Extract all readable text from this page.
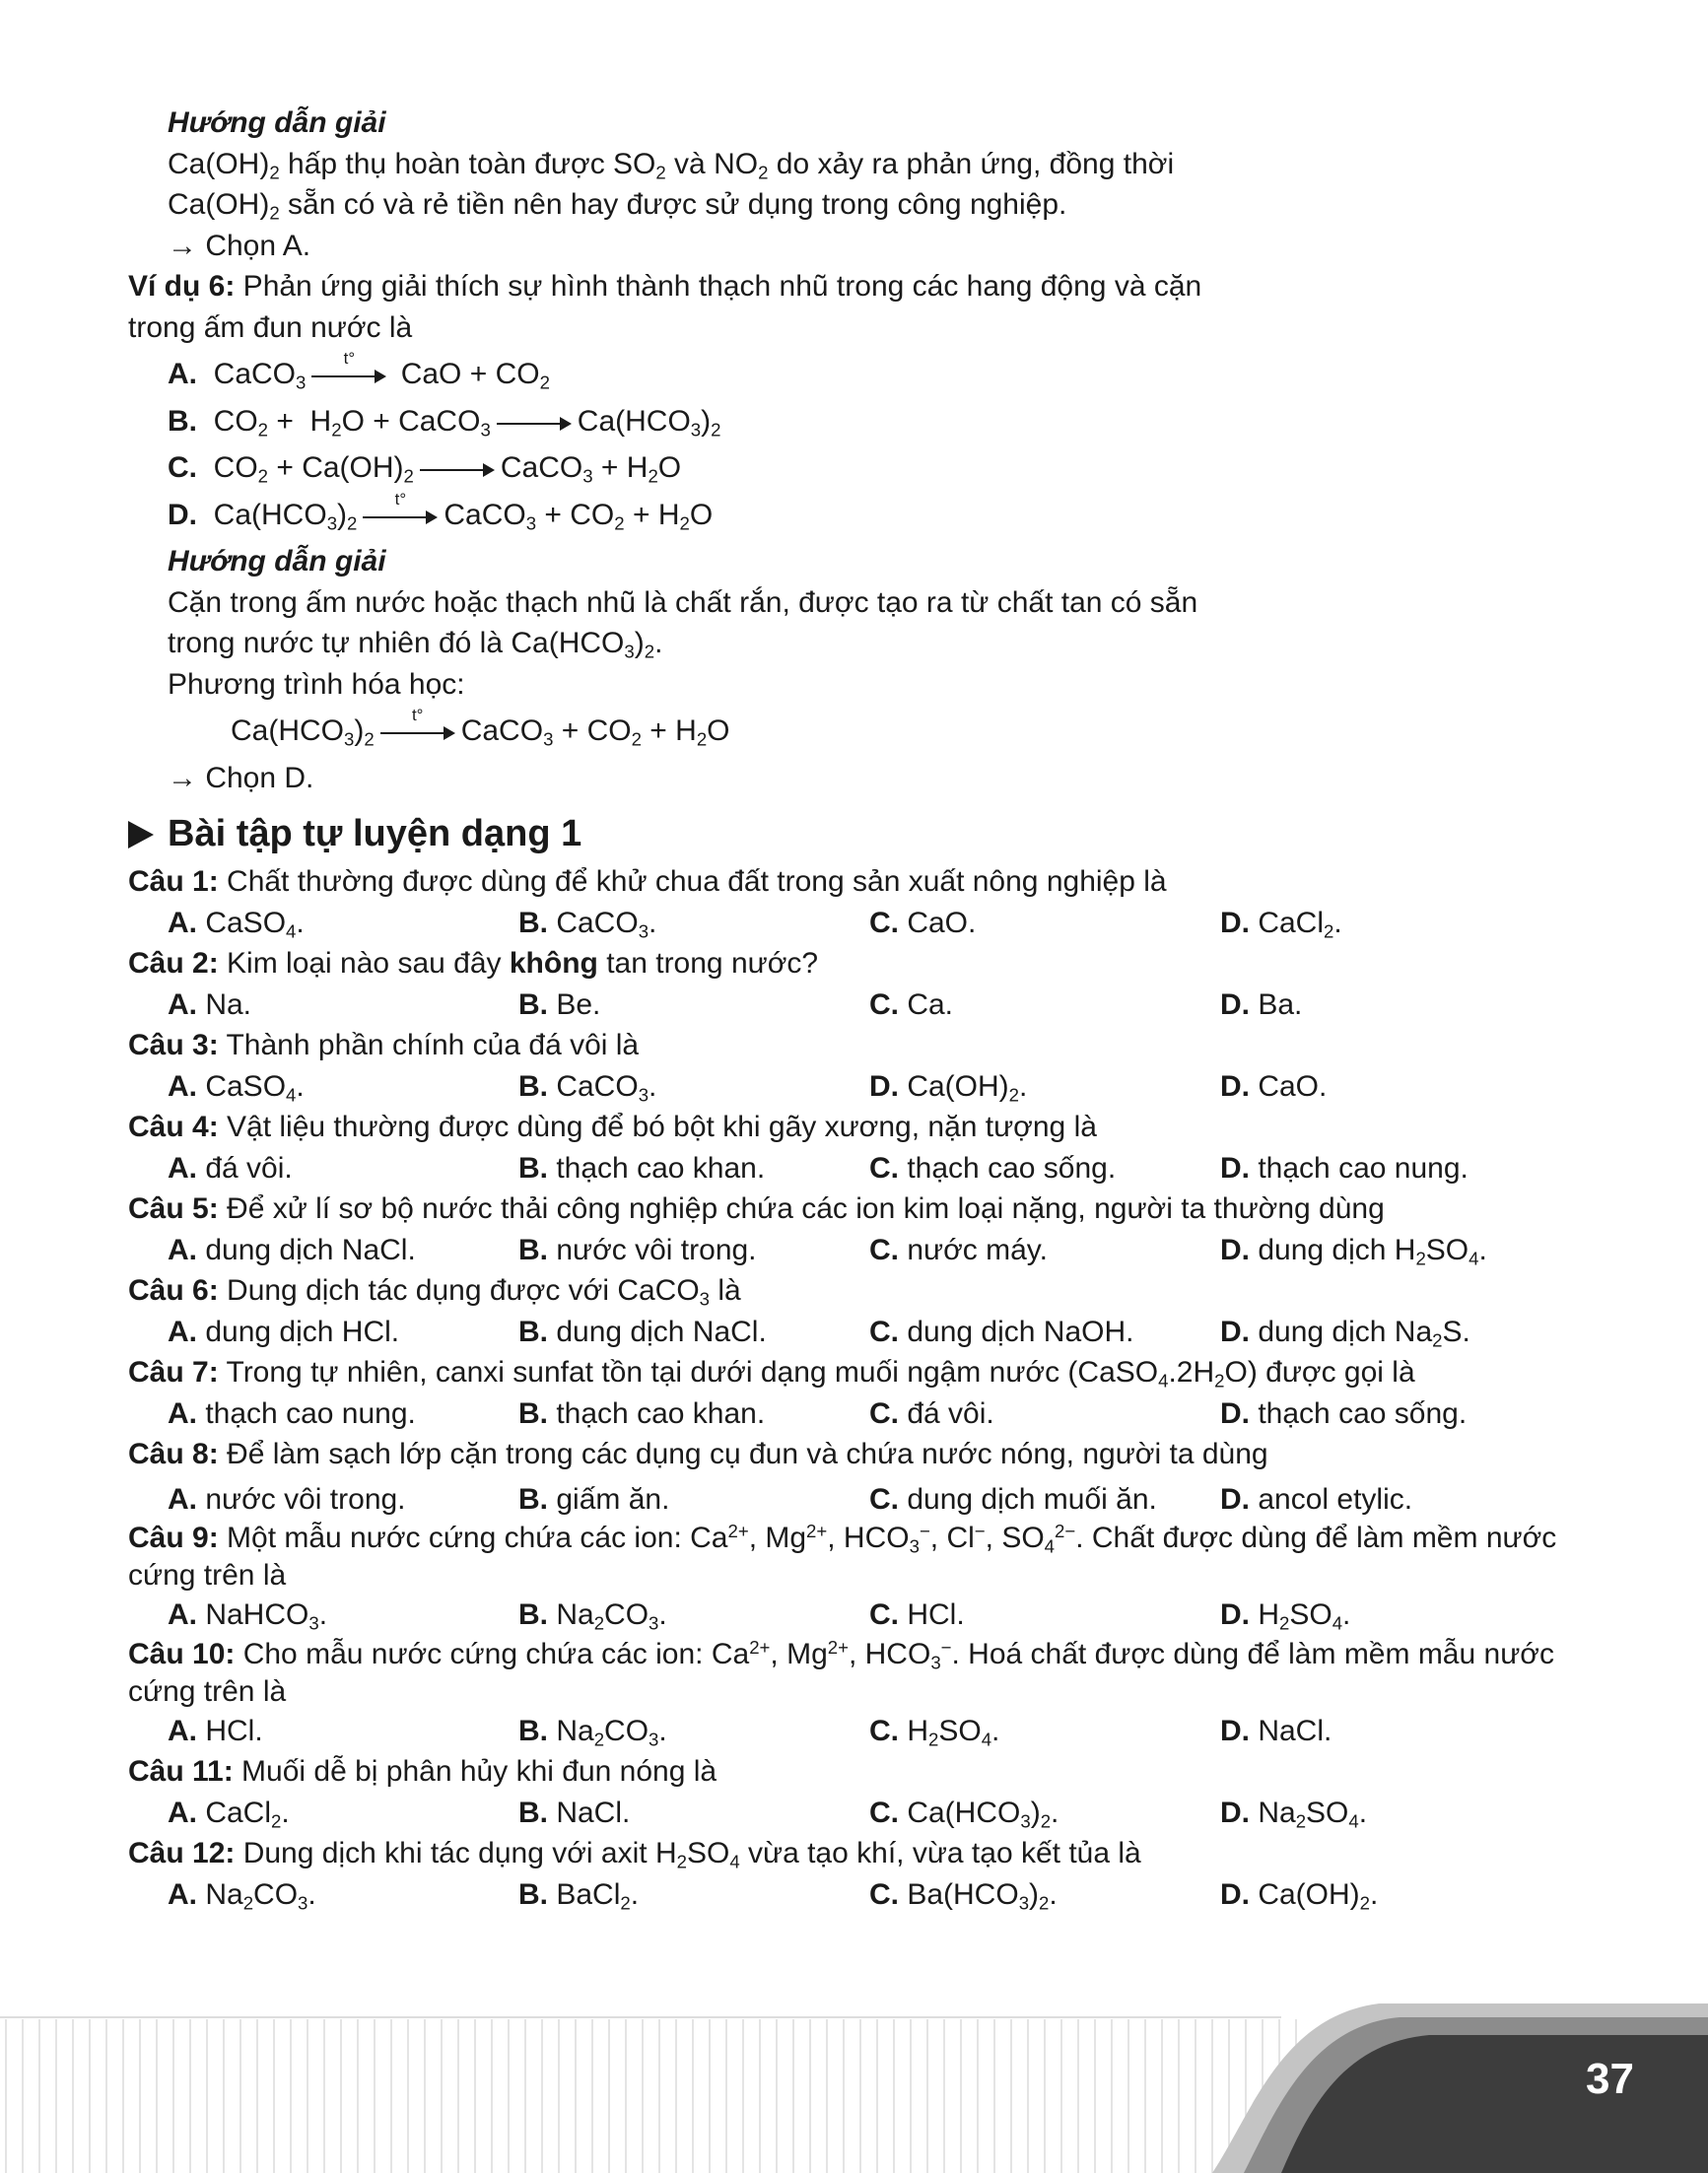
Hướng dẫn giải
$Ca(OH)_2$ hấp thụ hoàn toàn được $SO_2$ và $NO_2$ do xảy ra phản ứng, đồng thời
$Ca(OH)_2$ sẵn có và rẻ tiền nên hay được sử dụng trong công nghiệp.
→ Chọn A.
Ví dụ 6: Phản ứng giải thích sự hình thành thạch nhũ trong các hang động và cặn
trong ấm đun nước là
A.  CaCO$_3$
t°	CaO + $CO_2$
B.  $CO_2 + H_2O$ + CaCO$_3$	$Ca(HCO_3)_2$
C.  $CO_2 + Ca(OH)_2$	CaCO$_3$ + $H_2O$
D.  $Ca(HCO_3)_2$
t°	CaCO$_3$ + $CO_2 + H_2O$
Hướng dẫn giải
Cặn trong ấm nước hoặc thạch nhũ là chất rắn, được tạo ra từ chất tan có sẵn
trong nước tự nhiên đó là $Ca(HCO_3)_2$.
Phương trình hóa học:
$Ca(HCO_3)_2$
t°	CaCO$_3$ + $CO_2 + H_2O$
→ Chọn D.
Bài tập tự luyện dạng 1
Câu 1: Chất thường được dùng để khử chua đất trong sản xuất nông nghiệp là
A. CaSO$_4$.	B. CaCO$_3$.	C. CaO.	D. CaCl$_2$.
Câu 2: Kim loại nào sau đây không tan trong nước?
A. Na.	B. Be.	C. Ca.	D. Ba.
Câu 3: Thành phần chính của đá vôi là
A. CaSO$_4$.	B. CaCO$_3$.	D. $Ca(OH)_2$.	D. CaO.
Câu 4: Vật liệu thường được dùng để bó bột khi gãy xương, nặn tượng là
A. đá vôi.	B. thạch cao khan.	C. thạch cao sống.	D. thạch cao nung.
Câu 5: Để xử lí sơ bộ nước thải công nghiệp chứa các ion kim loại nặng, người ta thường dùng
A. dung dịch NaCl.	B. nước vôi trong.	C. nước máy.	D. dung dịch $H_2SO_4$.
Câu 6: Dung dịch tác dụng được với CaCO$_3$ là
A. dung dịch HCl.	B. dung dịch NaCl.	C. dung dịch NaOH.	D. dung dịch $Na_2S$.
Câu 7: Trong tự nhiên, canxi sunfat tồn tại dưới dạng muối ngậm nước $(CaSO_4.2H_2O)$ được gọi là
A. thạch cao nung.	B. thạch cao khan.	C. đá vôi.	D. thạch cao sống.
Câu 8: Để làm sạch lớp cặn trong các dụng cụ đun và chứa nước nóng, người ta dùng
A. nước vôi trong.	B. giấm ăn.	C. dung dịch muối ăn.	D. ancol etylic.
Câu 9: Một mẫu nước cứng chứa các ion: $Ca^{2+}$, $Mg^{2+}$, $HCO_3^-$, Cl−, $SO_4^{2-}$. Chất được dùng để làm mềm nước
cứng trên là
A. NaHCO$_3$.	B. $Na_2CO_3$.	C. HCl.	D. $H_2SO_4$.
Câu 10: Cho mẫu nước cứng chứa các ion: $Ca^{2+}$, $Mg^{2+}$, $HCO_3^-$. Hoá chất được dùng để làm mềm mẫu nước
cứng trên là
A. HCl.	B. $Na_2CO_3$.	C. $H_2SO_4$.	D. NaCl.
Câu 11: Muối dễ bị phân hủy khi đun nóng là
A. CaCl$_2$.	B. NaCl.	C. $Ca(HCO_3)_2$.	D. $Na_2SO_4$.
Câu 12: Dung dịch khi tác dụng với axit $H_2SO_4$ vừa tạo khí, vừa tạo kết tủa là
A. $Na_2CO_3$.	B. BaCl$_2$.	C. $Ba(HCO_3)_2$.	D. $Ca(OH)_2$.
37
